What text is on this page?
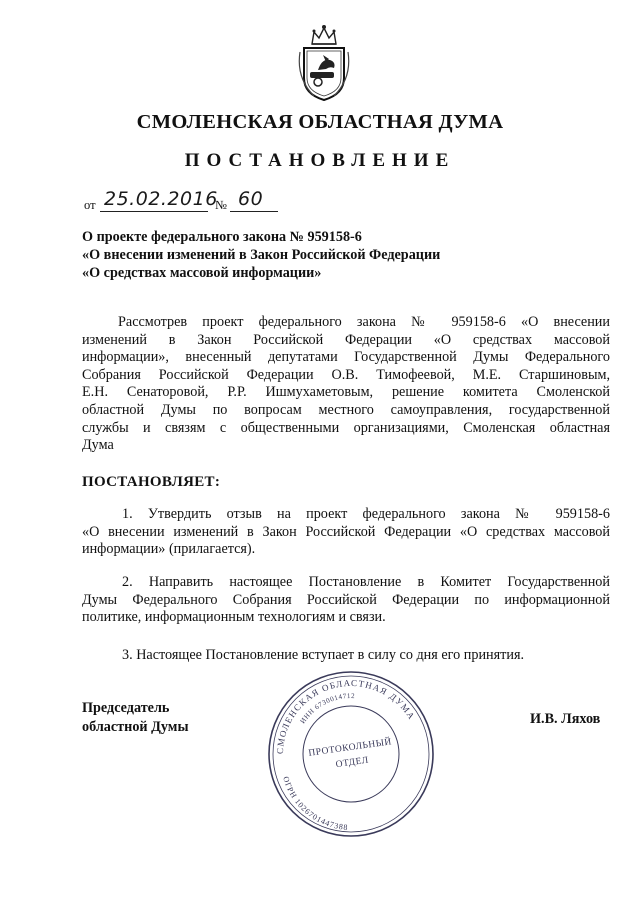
СМОЛЕНСКАЯ ОБЛАСТНАЯ ДУМА
ПОСТАНОВЛЕНИЕ
от 25.02.2016
№ 60
О проекте федерального закона № 959158-6
«О внесении изменений в Закон Российской Федерации
«О средствах массовой информации»
Рассмотрев проект федерального закона № 959158-6 «О внесении
изменений в Закон Российской Федерации «О средствах массовой
информации», внесенный депутатами Государственной Думы Федерального
Собрания Российской Федерации О.В. Тимофеевой, М.Е. Старшиновым,
Е.Н. Сенаторовой, Р.Р. Ишмухаметовым, решение комитета Смоленской
областной Думы по вопросам местного самоуправления, государственной
службы и связям с общественными организациями, Смоленская областная
Дума
ПОСТАНОВЛЯЕТ:
1. Утвердить отзыв на проект федерального закона № 959158-6
«О внесении изменений в Закон Российской Федерации «О средствах массовой
информации» (прилагается).
2. Направить настоящее Постановление в Комитет Государственной
Думы Федерального Собрания Российской Федерации по информационной
политике, информационным технологиям и связи.
3. Настоящее Постановление вступает в силу со дня его принятия.
Председатель
областной Думы	И.В. Ляхов
СМОЛЕНСКАЯ ОБЛАСТНАЯ ДУМА
ОГРН 1026701447388
ИНН 6730014712
ПРОТОКОЛЬНЫЙ
ОТДЕЛ
